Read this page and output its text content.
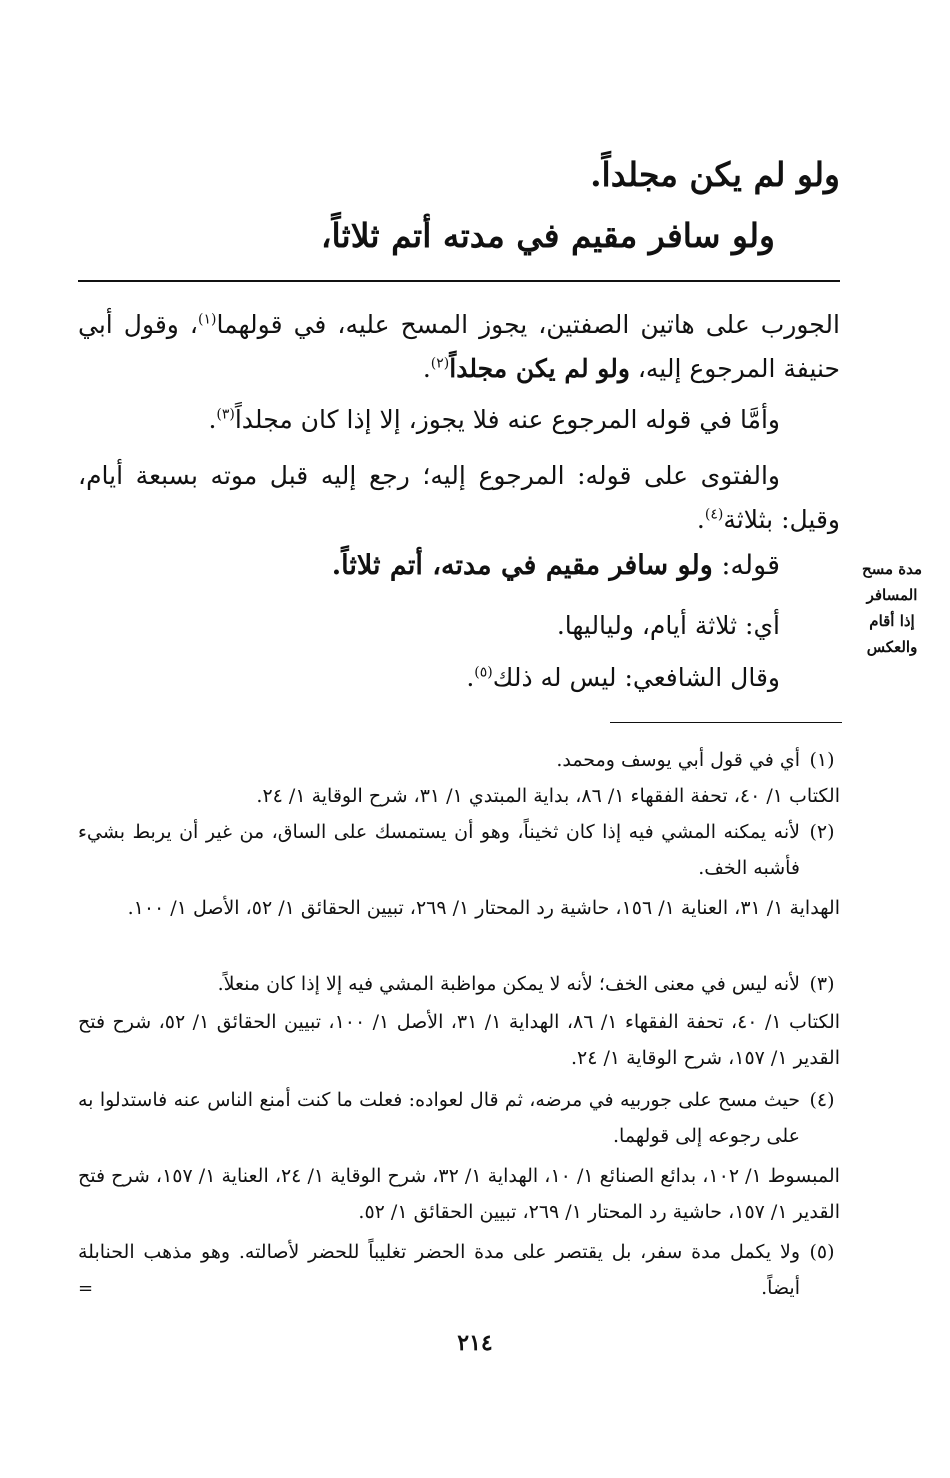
ولو لم يكن مجلداً.
ولو سافر مقيم في مدته أتم ثلاثاً،
الجورب على هاتين الصفتين، يجوز المسح عليه، في قولهما$^{(١)}$، وقول أبي حنيفة المرجوع إليه، ولو لم يكن مجلداً$^{(٢)}$.
وأمَّا في قوله المرجوع عنه فلا يجوز، إلا إذا كان مجلداً$^{(٣)}$.
والفتوى على قوله: المرجوع إليه؛ رجع إليه قبل موته بسبعة أيام، وقيل: بثلاثة$^{(٤)}$.
قوله: ولو سافر مقيم في مدته، أتم ثلاثاً.
أي: ثلاثة أيام، ولياليها.
وقال الشافعي: ليس له ذلك$^{(٥)}$.
مدة مسح
المسافر
إذا أقام
والعكس
(١)
أي في قول أبي يوسف ومحمد.
الكتاب ١/ ٤٠، تحفة الفقهاء ١/ ٨٦، بداية المبتدي ١/ ٣١، شرح الوقاية ١/ ٢٤.
(٢)
لأنه يمكنه المشي فيه إذا كان ثخيناً، وهو أن يستمسك على الساق، من غير أن يربط بشيء فأشبه الخف.
الهداية ١/ ٣١، العناية ١/ ١٥٦، حاشية رد المحتار ١/ ٢٦٩، تبيين الحقائق ١/ ٥٢، الأصل ١/ ١٠٠.
(٣)
لأنه ليس في معنى الخف؛ لأنه لا يمكن مواظبة المشي فيه إلا إذا كان منعلاً.
الكتاب ١/ ٤٠، تحفة الفقهاء ١/ ٨٦، الهداية ١/ ٣١، الأصل ١/ ١٠٠، تبيين الحقائق ١/ ٥٢، شرح فتح القدير ١/ ١٥٧، شرح الوقاية ١/ ٢٤.
(٤)
حيث مسح على جوربيه في مرضه، ثم قال لعواده: فعلت ما كنت أمنع الناس عنه فاستدلوا به على رجوعه إلى قولهما.
المبسوط ١/ ١٠٢، بدائع الصنائع ١/ ١٠، الهداية ١/ ٣٢، شرح الوقاية ١/ ٢٤، العناية ١/ ١٥٧، شرح فتح القدير ١/ ١٥٧، حاشية رد المحتار ١/ ٢٦٩، تبيين الحقائق ١/ ٥٢.
(٥)
ولا يكمل مدة سفر، بل يقتصر على مدة الحضر تغليباً للحضر لأصالته. وهو مذهب الحنابلة أيضاً.
=
٢١٤
